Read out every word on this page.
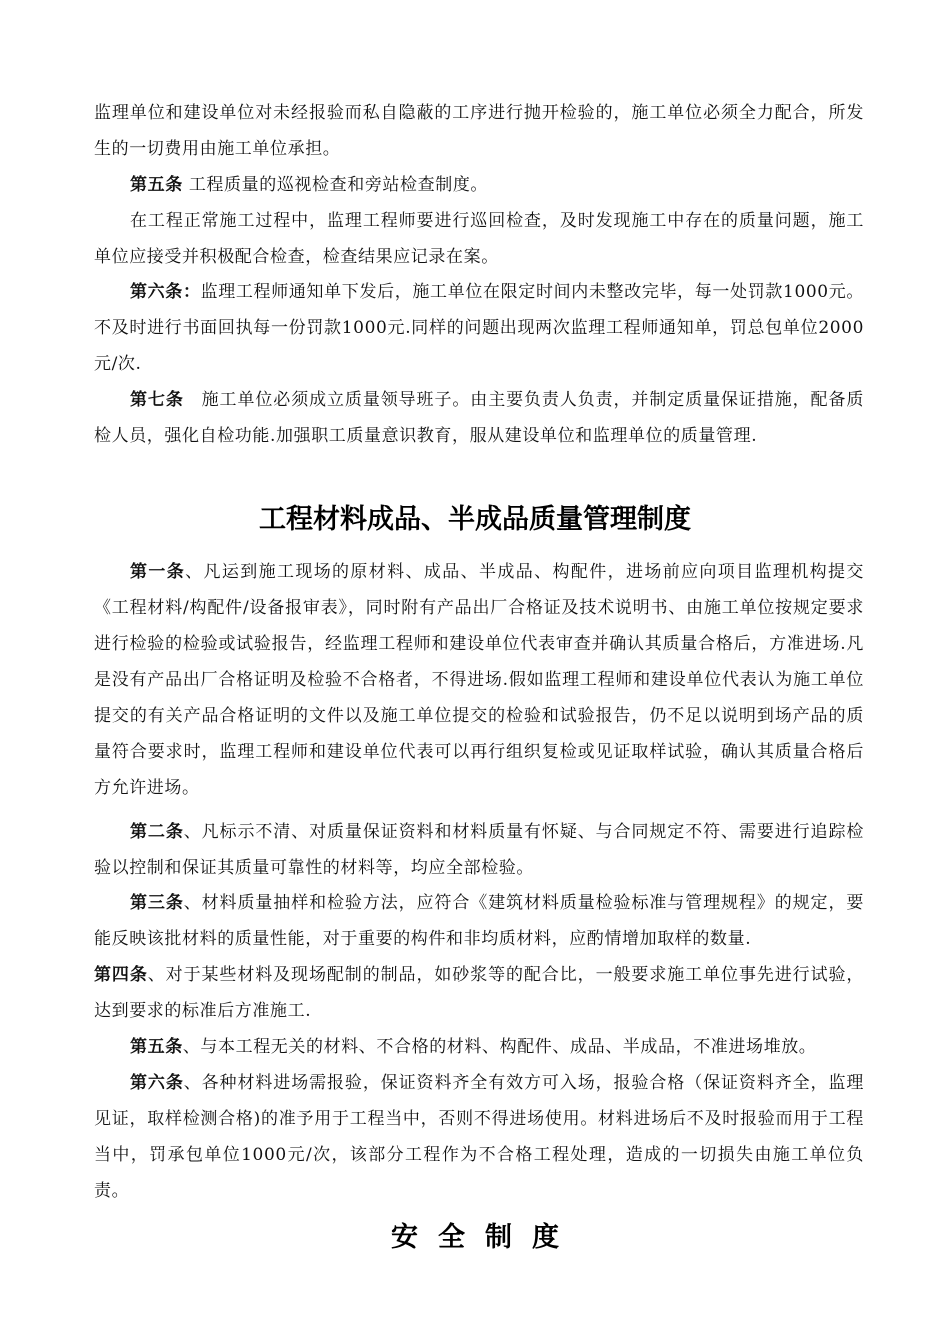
监理单位和建设单位对未经报验而私自隐蔽的工序进行抛开检验的，施工单位必须全力配合，所发生的一切费用由施工单位承担。

第五条 工程质量的巡视检查和旁站检查制度。

在工程正常施工过程中，监理工程师要进行巡回检查，及时发现施工中存在的质量问题，施工单位应接受并积极配合检查，检查结果应记录在案。

第六条：监理工程师通知单下发后，施工单位在限定时间内未整改完毕，每一处罚款1000元。不及时进行书面回执每一份罚款1000元.同样的问题出现两次监理工程师通知单，罚总包单位2000元/次.

第七条　施工单位必须成立质量领导班子。由主要负责人负责，并制定质量保证措施，配备质检人员，强化自检功能.加强职工质量意识教育，服从建设单位和监理单位的质量管理.

工程材料成品、半成品质量管理制度

第一条、凡运到施工现场的原材料、成品、半成品、构配件，进场前应向项目监理机构提交《工程材料/构配件/设备报审表》，同时附有产品出厂合格证及技术说明书、由施工单位按规定要求进行检验的检验或试验报告，经监理工程师和建设单位代表审查并确认其质量合格后，方准进场.凡是没有产品出厂合格证明及检验不合格者，不得进场.假如监理工程师和建设单位代表认为施工单位提交的有关产品合格证明的文件以及施工单位提交的检验和试验报告，仍不足以说明到场产品的质量符合要求时，监理工程师和建设单位代表可以再行组织复检或见证取样试验，确认其质量合格后方允许进场。

第二条、凡标示不清、对质量保证资料和材料质量有怀疑、与合同规定不符、需要进行追踪检验以控制和保证其质量可靠性的材料等，均应全部检验。

第三条、材料质量抽样和检验方法，应符合《建筑材料质量检验标准与管理规程》的规定，要能反映该批材料的质量性能，对于重要的构件和非均质材料，应酌情增加取样的数量.

第四条、对于某些材料及现场配制的制品，如砂浆等的配合比，一般要求施工单位事先进行试验，达到要求的标准后方准施工.

第五条、与本工程无关的材料、不合格的材料、构配件、成品、半成品，不准进场堆放。

第六条、各种材料进场需报验，保证资料齐全有效方可入场，报验合格（保证资料齐全，监理见证，取样检测合格)的准予用于工程当中，否则不得进场使用。材料进场后不及时报验而用于工程当中，罚承包单位1000元/次，该部分工程作为不合格工程处理，造成的一切损失由施工单位负责。

安全制度
